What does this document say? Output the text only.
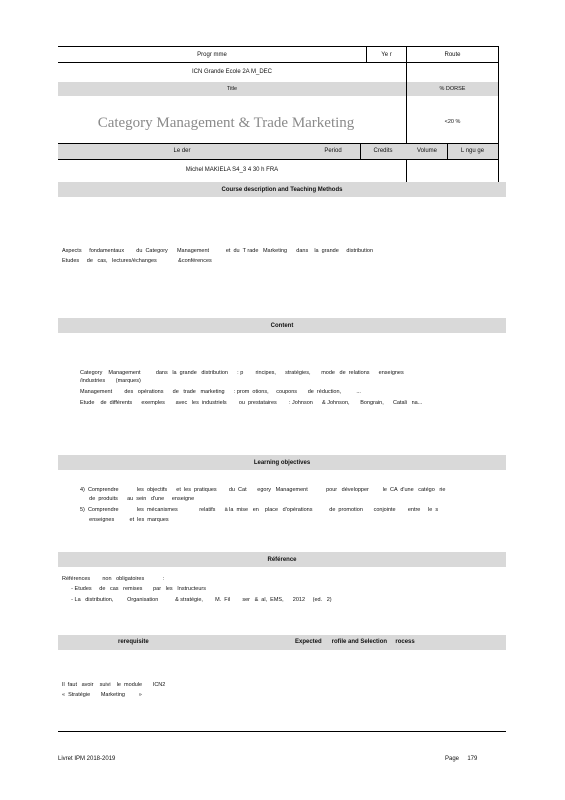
Progr mme	Ye r	Route
ICN Grande Ecole 2A M_DEC
Title	% DORSE
Category Management & Trade Marketing	<20 %
Le der	Period	Credits	Volume	L ngu ge
Michel MAKIELA S4_3 4 30 h FRA
Course description and Teaching Methods
Aspects     fondamentaux        du  Category      Management           et  du  T rade   Marketing      dans    la  grande     distribution
Etudes     de   cas,   lectures/échanges              &conférences
Content
Category    Management          dans   la  grande   distribution      : p        rincipes,      stratégies,       mode   de  relations      enseignes
/industries       (marques)
Management        des   opérations      de   trade   marketing      : prom  otions,     coupons       de  réduction,          ...
Etude    de  différents      exemples       avec   les  industriels        ou  prestataires        : Johnson      & Johnson,       Bongrain,      Catali   na...
Learning objectives
4)  Comprendre            les  objectifs      et  les  pratiques        du  Cat       egory   Management            pour   développer         le  CA  d'une   catégo   rie
de  produits      au  sein   d'une     enseigne
5)  Comprendre            les  mécanismes              relatifs      à la  mise   en    place   d'opérations           de  promotion       conjointe        entre     le  s
enseignes          et  les  marques
Référence
Références        non   obligatoires            :
- Etudes     de   cas   remises       par   les   Instructeurs
- La   distribution,         Organisation           & stratégie,        M.  Fil        ser   &  al,  EMS,      2012     (ed.   2)
rerequisite	Expected      rofile and Selection     rocess
Il  faut   avoir    suivi    le  module       ICN2
«  Stratégie       Marketing         »
Livret IPM 2018-2019	Page     179
